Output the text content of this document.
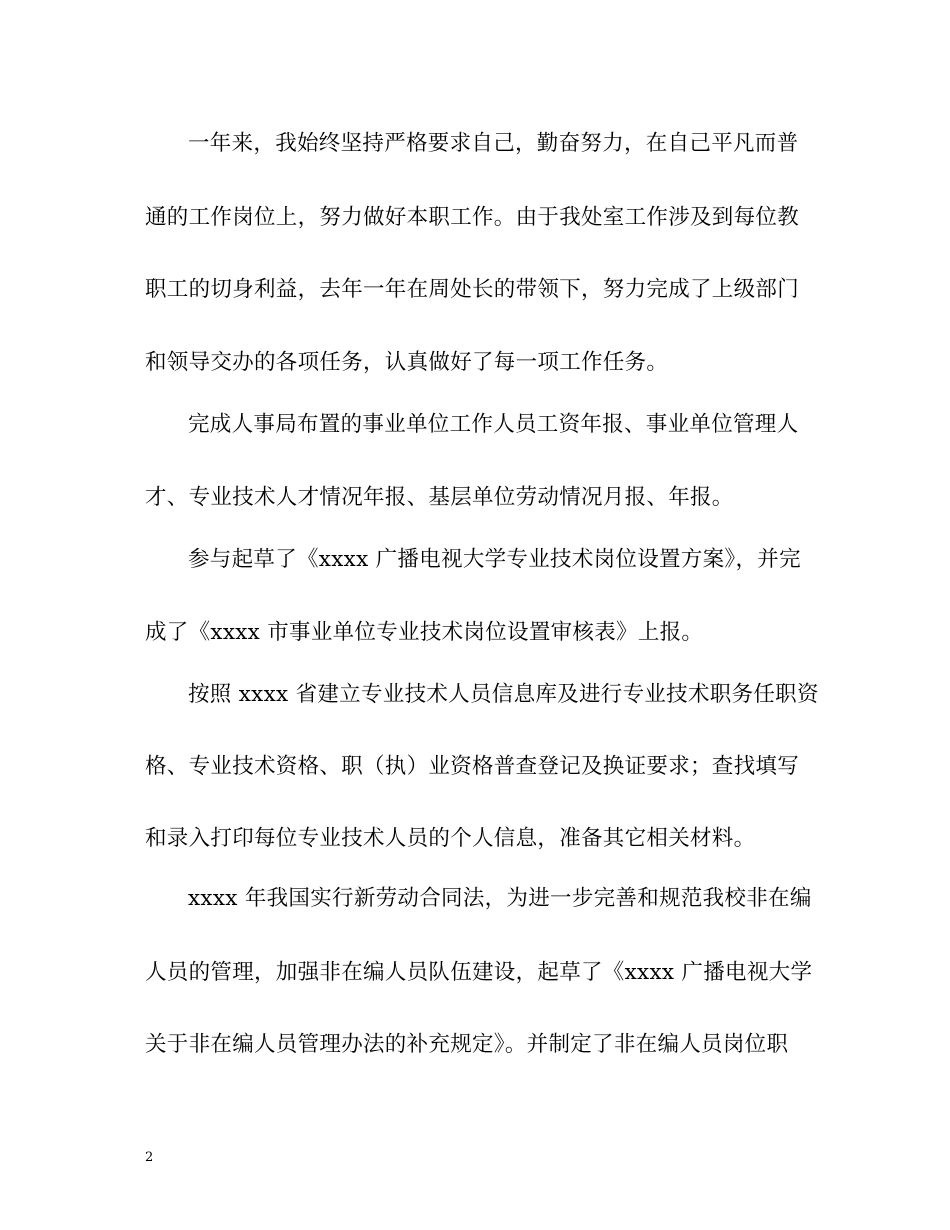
一年来，我始终坚持严格要求自己，勤奋努力，在自己平凡而普
通的工作岗位上，努力做好本职工作。由于我处室工作涉及到每位教
职工的切身利益，去年一年在周处长的带领下，努力完成了上级部门
和领导交办的各项任务，认真做好了每一项工作任务。
完成人事局布置的事业单位工作人员工资年报、事业单位管理人
才、专业技术人才情况年报、基层单位劳动情况月报、年报。
参与起草了《xxxx 广播电视大学专业技术岗位设置方案》，并完
成了《xxxx 市事业单位专业技术岗位设置审核表》上报。
按照 xxxx 省建立专业技术人员信息库及进行专业技术职务任职资
格、专业技术资格、职（执）业资格普查登记及换证要求；查找填写
和录入打印每位专业技术人员的个人信息，准备其它相关材料。
xxxx 年我国实行新劳动合同法，为进一步完善和规范我校非在编
人员的管理，加强非在编人员队伍建设，起草了《xxxx 广播电视大学
关于非在编人员管理办法的补充规定》。并制定了非在编人员岗位职
2
